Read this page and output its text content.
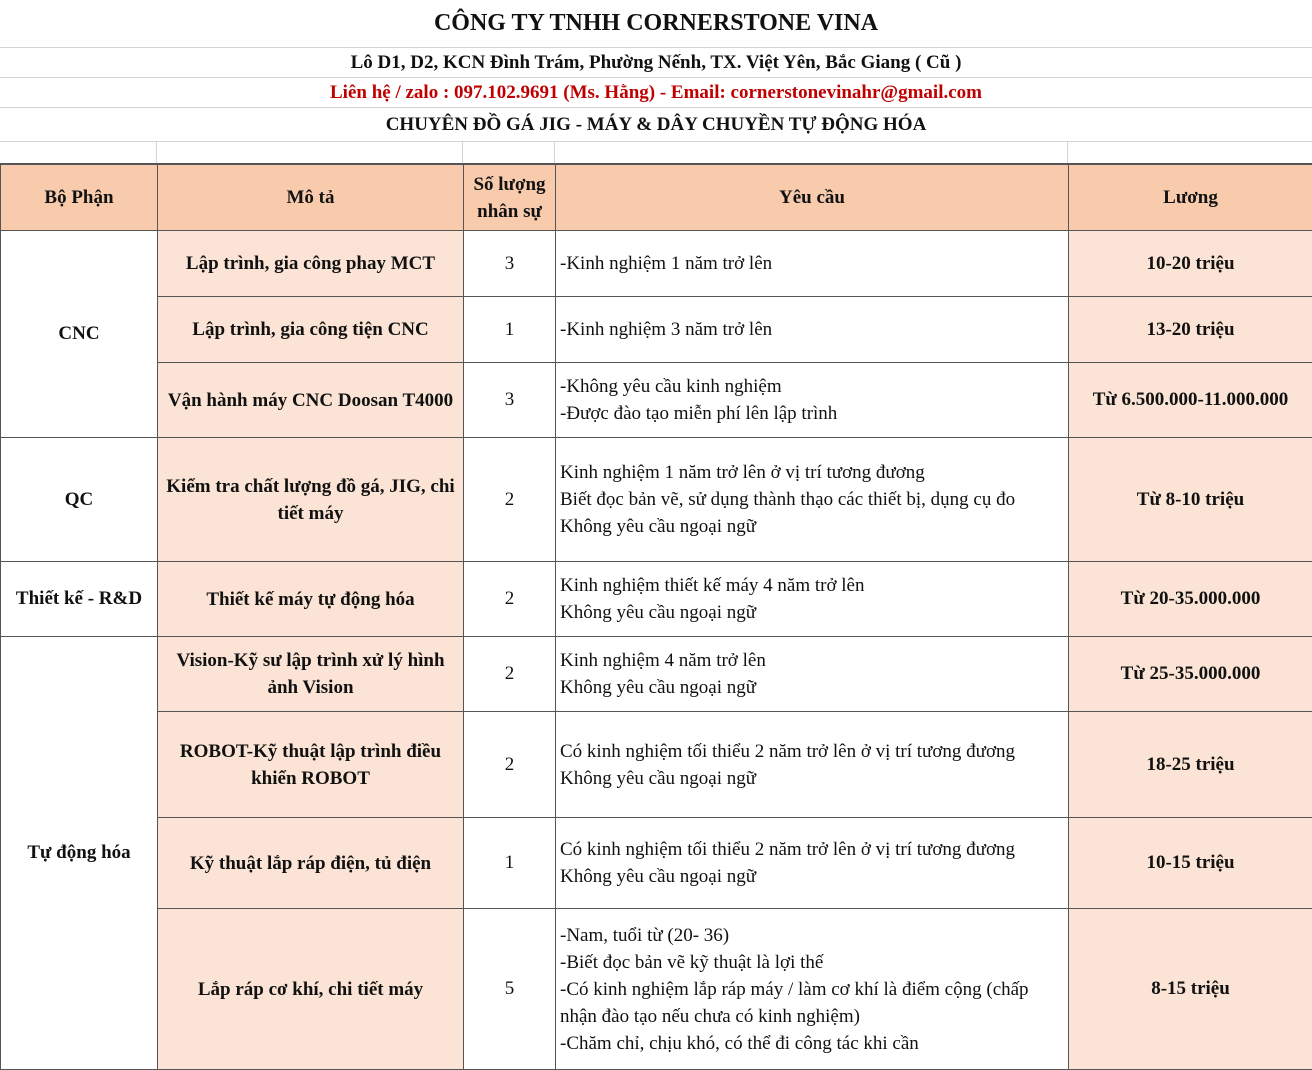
CÔNG TY TNHH CORNERSTONE VINA
Lô D1, D2, KCN Đình Trám, Phường Nếnh, TX. Việt Yên, Bắc Giang ( Cũ )
Liên hệ / zalo : 097.102.9691 (Ms. Hằng) - Email: cornerstonevinahr@gmail.com
CHUYÊN ĐỒ GÁ JIG - MÁY & DÂY CHUYỀN TỰ ĐỘNG HÓA
Bộ Phận	Mô tả	Số lượng nhân sự	Yêu cầu	Lương
CNC	Lập trình, gia công phay MCT	3	-Kinh nghiệm 1 năm trở lên	10-20 triệu
	Lập trình, gia công tiện CNC	1	-Kinh nghiệm 3 năm trở lên	13-20 triệu
	Vận hành máy CNC Doosan T4000	3	-Không yêu cầu kinh nghiệm
-Được đào tạo miễn phí lên lập trình	Từ 6.500.000-11.000.000
QC	Kiểm tra chất lượng đồ gá, JIG, chi tiết máy	2	Kinh nghiệm 1 năm trở lên ở vị trí tương đương
Biết đọc bản vẽ, sử dụng thành thạo các thiết bị, dụng cụ đo
Không yêu cầu ngoại ngữ	Từ 8-10 triệu
Thiết kế - R&D	Thiết kế máy tự động hóa	2	Kinh nghiệm thiết kế máy 4 năm trở lên
Không yêu cầu ngoại ngữ	Từ 20-35.000.000
Tự động hóa	Vision-Kỹ sư lập trình xử lý hình ảnh Vision	2	Kinh nghiệm 4 năm trở lên
Không yêu cầu ngoại ngữ	Từ 25-35.000.000
	ROBOT-Kỹ thuật lập trình điều khiển ROBOT	2	Có kinh nghiệm tối thiểu 2 năm trở lên ở vị trí tương đương
Không yêu cầu ngoại ngữ	18-25 triệu
	Kỹ thuật lắp ráp điện, tủ điện	1	Có kinh nghiệm tối thiểu 2 năm trở lên ở vị trí tương đương
Không yêu cầu ngoại ngữ	10-15 triệu
	Lắp ráp cơ khí, chi tiết máy	5	-Nam, tuổi từ (20- 36)
-Biết đọc bản vẽ kỹ thuật là lợi thế
-Có kinh nghiệm lắp ráp máy / làm cơ khí là điểm cộng (chấp
nhận đào tạo nếu chưa có kinh nghiệm)
-Chăm chỉ, chịu khó, có thể đi công tác khi cần	8-15 triệu
